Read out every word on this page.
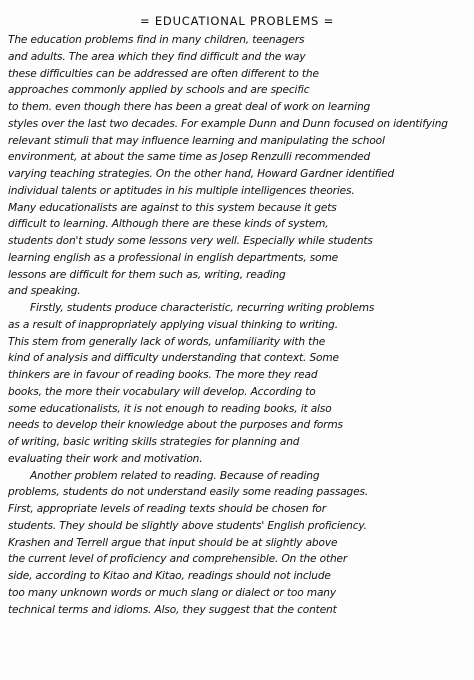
= EDUCATIONAL PROBLEMS =
The education problems find in many children, teenagers
and adults. The area which they find difficult and the way
these difficulties can be addressed are often different to the
approaches commonly applied by schools and are specific
to them. even though there has been a great deal of work on learning
styles over the last two decades. For example Dunn and Dunn focused on identifying
relevant stimuli that may influence learning and manipulating the school
environment, at about the same time as Josep Renzulli recommended
varying teaching strategies. On the other hand, Howard Gardner identified
individual talents or aptitudes in his multiple intelligences theories.
Many educationalists are against to this system because it gets
difficult to learning. Although there are these kinds of system,
students don't study some lessons very well. Especially while students
learning english as a professional in english departments, some
lessons are difficult for them such as, writing, reading
and speaking.
Firstly, students produce characteristic, recurring writing problems
as a result of inappropriately applying visual thinking to writing.
This stem from generally lack of words, unfamiliarity with the
kind of analysis and difficulty understanding that context. Some
thinkers are in favour of reading books. The more they read
books, the more their vocabulary will develop. According to
some educationalists, it is not enough to reading books, it also
needs to develop their knowledge about the purposes and forms
of writing, basic writing skills strategies for planning and
evaluating their work and motivation.
Another problem related to reading. Because of reading
problems, students do not understand easily some reading passages.
First, appropriate levels of reading texts should be chosen for
students. They should be slightly above students' English proficiency.
Krashen and Terrell argue that input should be at slightly above
the current level of proficiency and comprehensible. On the other
side, according to Kitao and Kitao, readings should not include
too many unknown words or much slang or dialect or too many
technical terms and idioms. Also, they suggest that the content
